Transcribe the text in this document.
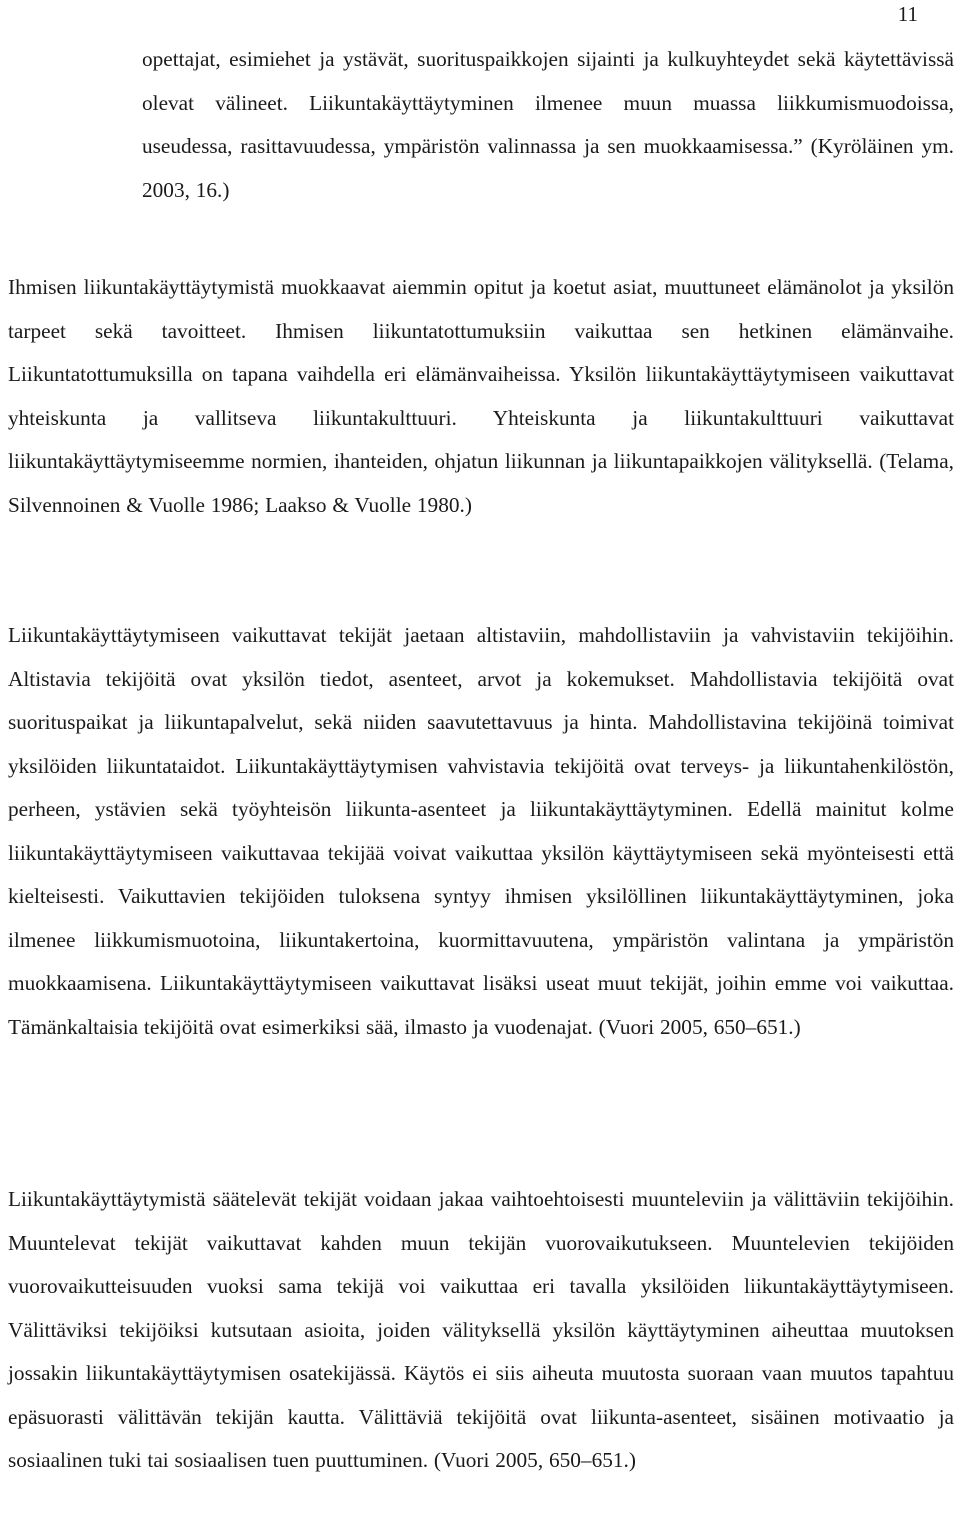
11

opettajat, esimiehet ja ystävät, suorituspaikkojen sijainti ja kulkuyhteydet sekä käytettävissä olevat välineet. Liikuntakäyttäytyminen ilmenee muun muassa liikkumismuodoissa, useudessa, rasittavuudessa, ympäristön valinnassa ja sen muokkaamisessa.” (Kyröläinen ym. 2003, 16.)

Ihmisen liikuntakäyttäytymistä muokkaavat aiemmin opitut ja koetut asiat, muuttuneet elämänolot ja yksilön tarpeet sekä tavoitteet. Ihmisen liikuntatottumuksiin vaikuttaa sen hetkinen elämänvaihe. Liikuntatottumuksilla on tapana vaihdella eri elämänvaiheissa. Yksilön liikuntakäyttäytymiseen vaikuttavat yhteiskunta ja vallitseva liikuntakulttuuri. Yhteiskunta ja liikuntakulttuuri vaikuttavat liikuntakäyttäytymiseemme normien, ihanteiden, ohjatun liikunnan ja liikuntapaikkojen välityksellä. (Telama, Silvennoinen & Vuolle 1986; Laakso & Vuolle 1980.)

Liikuntakäyttäytymiseen vaikuttavat tekijät jaetaan altistaviin, mahdollistaviin ja vahvistaviin tekijöihin. Altistavia tekijöitä ovat yksilön tiedot, asenteet, arvot ja kokemukset. Mahdollistavia tekijöitä ovat suorituspaikat ja liikuntapalvelut, sekä niiden saavutettavuus ja hinta. Mahdollistavina tekijöinä toimivat yksilöiden liikuntataidot. Liikuntakäyttäytymisen vahvistavia tekijöitä ovat terveys- ja liikuntahenkilöstön, perheen, ystävien sekä työyhteisön liikunta-asenteet ja liikuntakäyttäytyminen. Edellä mainitut kolme liikuntakäyttäytymiseen vaikuttavaa tekijää voivat vaikuttaa yksilön käyttäytymiseen sekä myönteisesti että kielteisesti. Vaikuttavien tekijöiden tuloksena syntyy ihmisen yksilöllinen liikuntakäyttäytyminen, joka ilmenee liikkumismuotoina, liikuntakertoina, kuormittavuutena, ympäristön valintana ja ympäristön muokkaamisena. Liikuntakäyttäytymiseen vaikuttavat lisäksi useat muut tekijät, joihin emme voi vaikuttaa. Tämänkaltaisia tekijöitä ovat esimerkiksi sää, ilmasto ja vuodenajat. (Vuori 2005, 650–651.)

Liikuntakäyttäytymistä säätelevät tekijät voidaan jakaa vaihtoehtoisesti muunteleviin ja välittäviin tekijöihin. Muuntelevat tekijät vaikuttavat kahden muun tekijän vuorovaikutukseen. Muuntelevien tekijöiden vuorovaikutteisuuden vuoksi sama tekijä voi vaikuttaa eri tavalla yksilöiden liikuntakäyttäytymiseen. Välittäviksi tekijöiksi kutsutaan asioita, joiden välityksellä yksilön käyttäytyminen aiheuttaa muutoksen jossakin liikuntakäyttäytymisen osatekijässä. Käytös ei siis aiheuta muutosta suoraan vaan muutos tapahtuu epäsuorasti välittävän tekijän kautta. Välittäviä tekijöitä ovat liikunta-asenteet, sisäinen motivaatio ja sosiaalinen tuki tai sosiaalisen tuen puuttuminen. (Vuori 2005, 650–651.)
